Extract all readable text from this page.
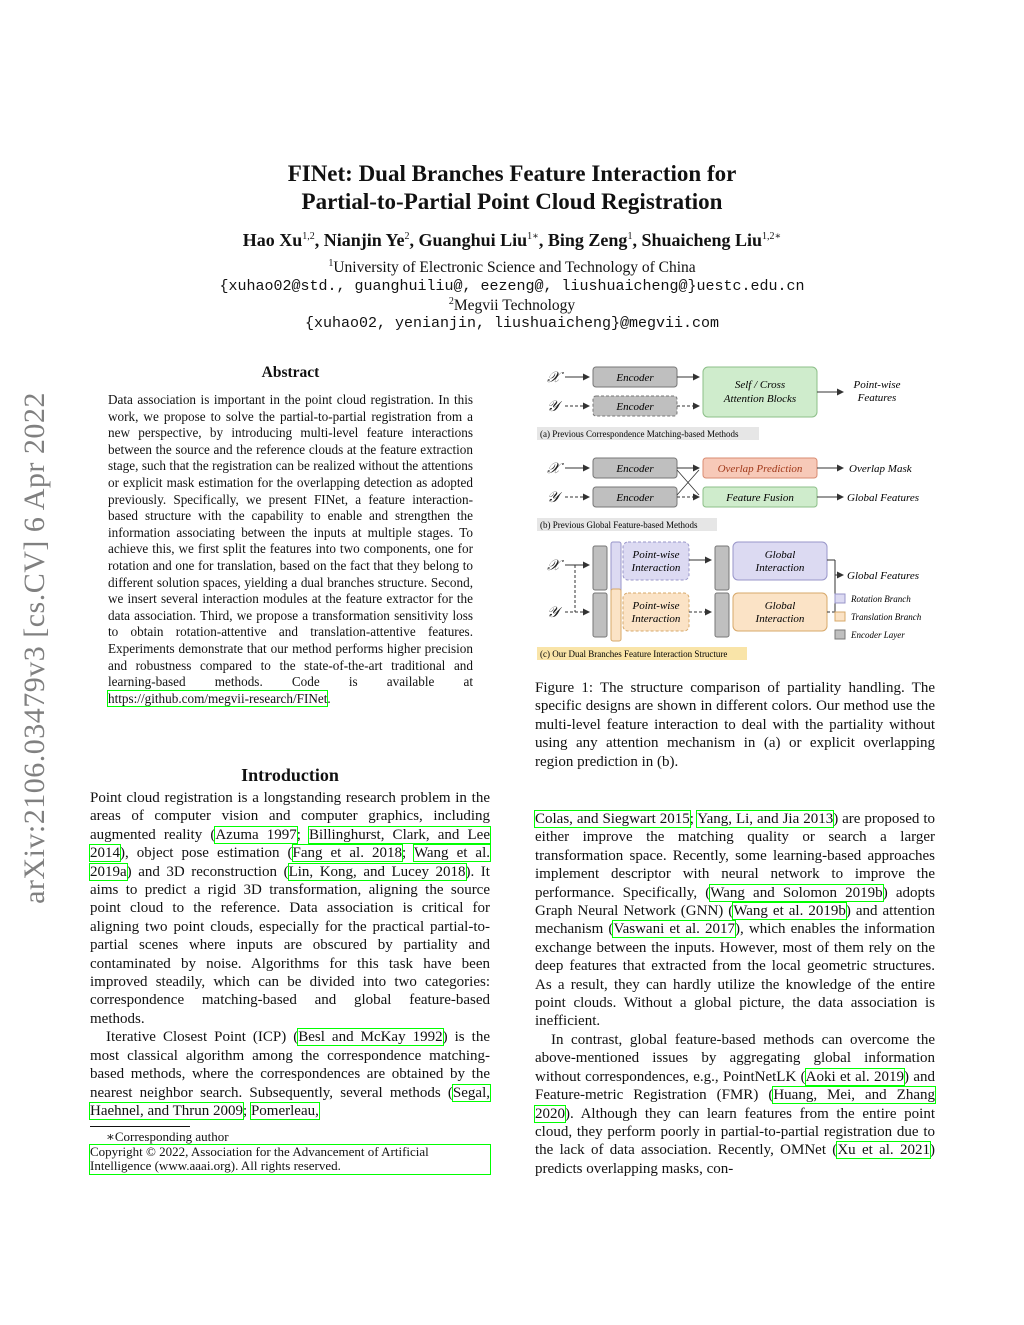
arXiv:2106.03479v3 [cs.CV] 6 Apr 2022
FINet: Dual Branches Feature Interaction for
Partial-to-Partial Point Cloud Registration
Hao Xu$^{1,2}$, Nianjin Ye$^2$, Guanghui Liu$^{1∗}$, Bing Zeng$^1$, Shuaicheng Liu$^{1,2∗}$
$^1$University of Electronic Science and Technology of China
{xuhao02@std., guanghuiliu@, eezeng@, liushuaicheng@}uestc.edu.cn
$^2$Megvii Technology
{xuhao02, yenianjin, liushuaicheng}@megvii.com
Abstract
Data association is important in the point cloud registration. In this work, we propose to solve the partial-to-partial registration from a new perspective, by introducing multi-level feature interactions between the source and the reference clouds at the feature extraction stage, such that the registration can be realized without the attentions or explicit mask estimation for the overlapping detection as adopted previously. Specifically, we present FINet, a feature interaction-based structure with the capability to enable and strengthen the information associating between the inputs at multiple stages. To achieve this, we first split the features into two components, one for rotation and one for translation, based on the fact that they belong to different solution spaces, yielding a dual branches structure. Second, we insert several interaction modules at the feature extractor for the data association. Third, we propose a transformation sensitivity loss to obtain rotation-attentive and translation-attentive features. Experiments demonstrate that our method performs higher precision and robustness compared to the state-of-the-art traditional and learning-based methods. Code is available at https://github.com/megvii-research/FINet.
Introduction

Point cloud registration is a longstanding research problem in the areas of computer vision and computer graphics, including augmented reality (Azuma 1997; Billinghurst, Clark, and Lee 2014), object pose estimation (Fang et al. 2018; Wang et al. 2019a) and 3D reconstruction (Lin, Kong, and Lucey 2018). It aims to predict a rigid 3D transformation, aligning the source point cloud to the reference. Data association is critical for aligning two point clouds, especially for the practical partial-to-partial scenes where inputs are obscured by partiality and contaminated by noise. Algorithms for this task have been improved steadily, which can be divided into two categories: correspondence matching-based and global feature-based methods.

Iterative Closest Point (ICP) (Besl and McKay 1992) is the most classical algorithm among the correspondence matching-based methods, where the correspondences are obtained by the nearest neighbor search. Subsequently, several methods (Segal, Haehnel, and Thrun 2009; Pomerleau,

∗Corresponding author
Copyright © 2022, Association for the Advancement of Artificial Intelligence (www.aaai.org). All rights reserved.
𝒳
𝒴
Encoder
Encoder
Self / Cross
Attention Blocks
Point-wise
Features
(a) Previous Correspondence Matching-based Methods
𝒳
𝒴
Encoder
Encoder
Overlap Prediction
Feature Fusion
Overlap Mask
Global Features
(b) Previous Global Feature-based Methods
𝒳
𝒴
Point-wise
Interaction
Point-wise
Interaction
Global
Interaction
Global
Interaction
Global Features
Rotation Branch
Translation Branch
Encoder Layer
(c) Our Dual Branches Feature Interaction Structure
Figure 1: The structure comparison of partiality handling. The specific designs are shown in different colors. Our method use the multi-level feature interaction to deal with the partiality without using any attention mechanism in (a) or explicit overlapping region prediction in (b).

Colas, and Siegwart 2015; Yang, Li, and Jia 2013) are proposed to either improve the matching quality or search a larger transformation space. Recently, some learning-based approaches implement descriptor with neural network to improve the performance. Specifically, (Wang and Solomon 2019b) adopts Graph Neural Network (GNN) (Wang et al. 2019b) and attention mechanism (Vaswani et al. 2017), which enables the information exchange between the inputs. However, most of them rely on the deep features that extracted from the local geometric structures. As a result, they can hardly utilize the knowledge of the entire point clouds. Without a global picture, the data association is inefficient.

In contrast, global feature-based methods can overcome the above-mentioned issues by aggregating global information without correspondences, e.g., PointNetLK (Aoki et al. 2019) and Feature-metric Registration (FMR) (Huang, Mei, and Zhang 2020). Although they can learn features from the entire point cloud, they perform poorly in partial-to-partial registration due to the lack of data association. Recently, OMNet (Xu et al. 2021) predicts overlapping masks, con-
